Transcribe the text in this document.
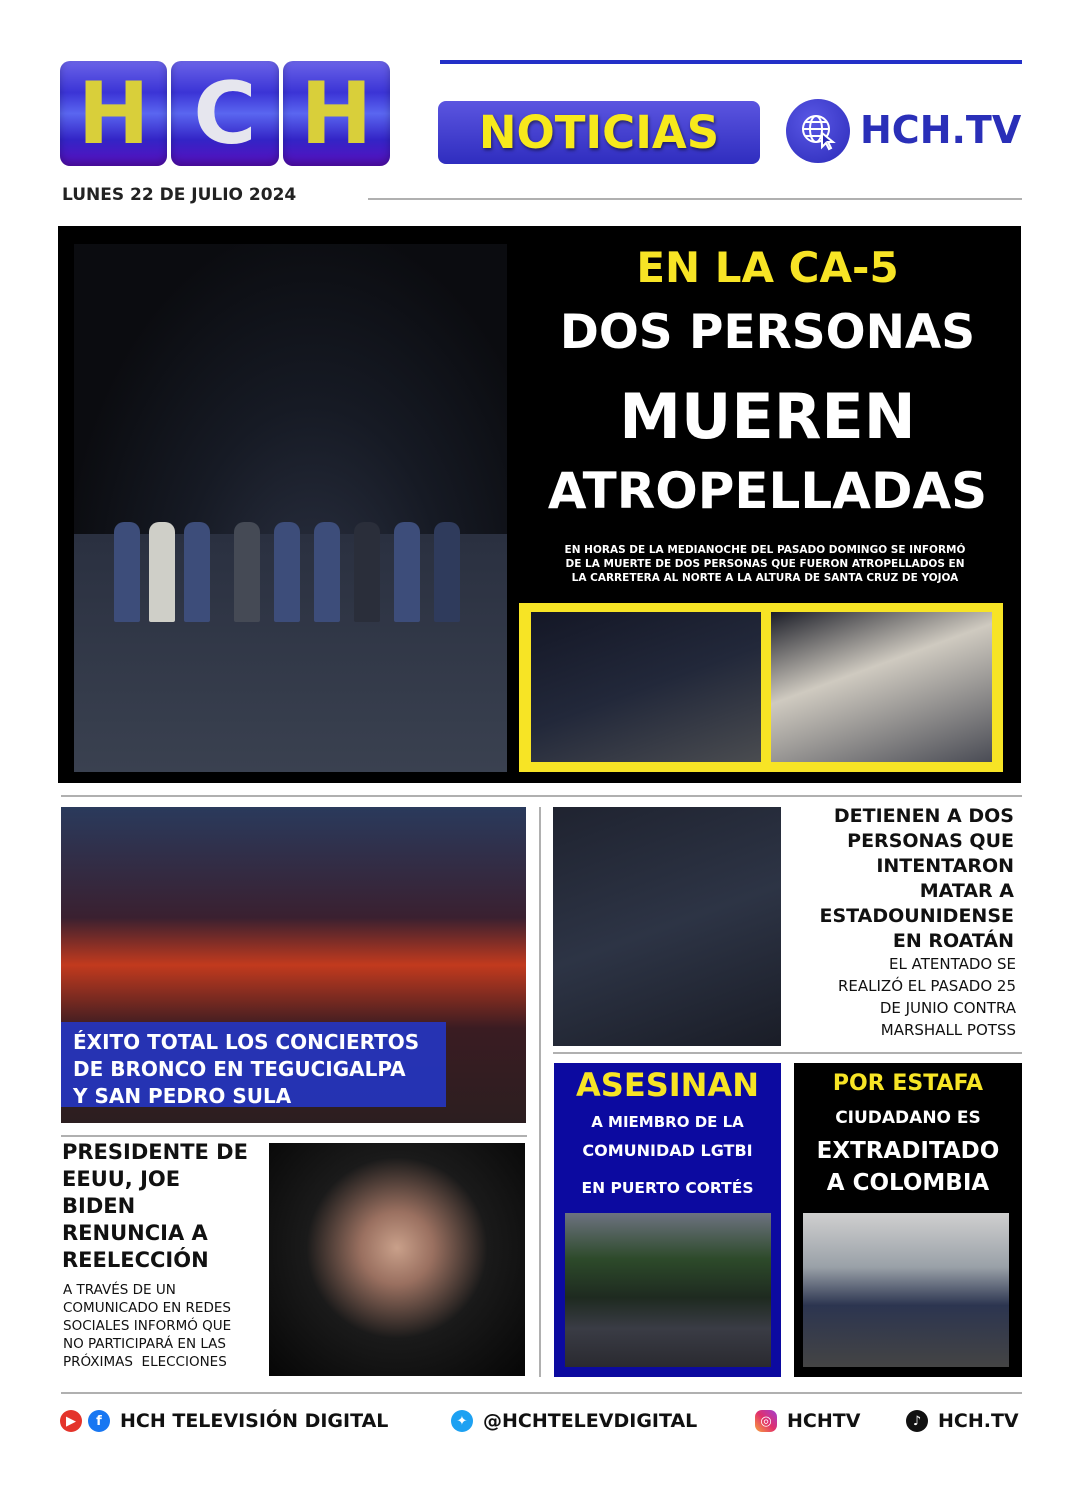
H C H	NOTICIAS	HCH.TV
LUNES 22 DE JULIO 2024
EN LA CA-5
DOS PERSONAS
MUEREN
ATROPELLADAS
EN HORAS DE LA MEDIANOCHE DEL PASADO DOMINGO SE INFORMÓ
DE LA MUERTE DE DOS PERSONAS QUE FUERON ATROPELLADOS EN
LA CARRETERA AL NORTE A LA ALTURA DE SANTA CRUZ DE YOJOA
ÉXITO TOTAL LOS CONCIERTOS
DE BRONCO EN TEGUCIGALPA
Y SAN PEDRO SULA
DETIENEN A DOS
PERSONAS QUE
INTENTARON
MATAR A
ESTADOUNIDENSE
EN ROATÁN
EL ATENTADO SE
REALIZÓ EL PASADO 25
DE JUNIO CONTRA
MARSHALL POTSS
ASESINAN
A MIEMBRO DE LA
COMUNIDAD LGTBI
EN PUERTO CORTÉS
POR ESTAFA
CIUDADANO ES
EXTRADITADO
A COLOMBIA
PRESIDENTE DE
EEUU, JOE
BIDEN
RENUNCIA A
REELECCIÓN
A TRAVÉS DE UN
COMUNICADO EN REDES
SOCIALES INFORMÓ QUE
NO PARTICIPARÁ EN LAS
PRÓXIMAS  ELECCIONES
▶	f HCH TELEVISIÓN DIGITAL	✦ @HCHTELEVDIGITAL	◎ HCHTV	♪ HCH.TV
